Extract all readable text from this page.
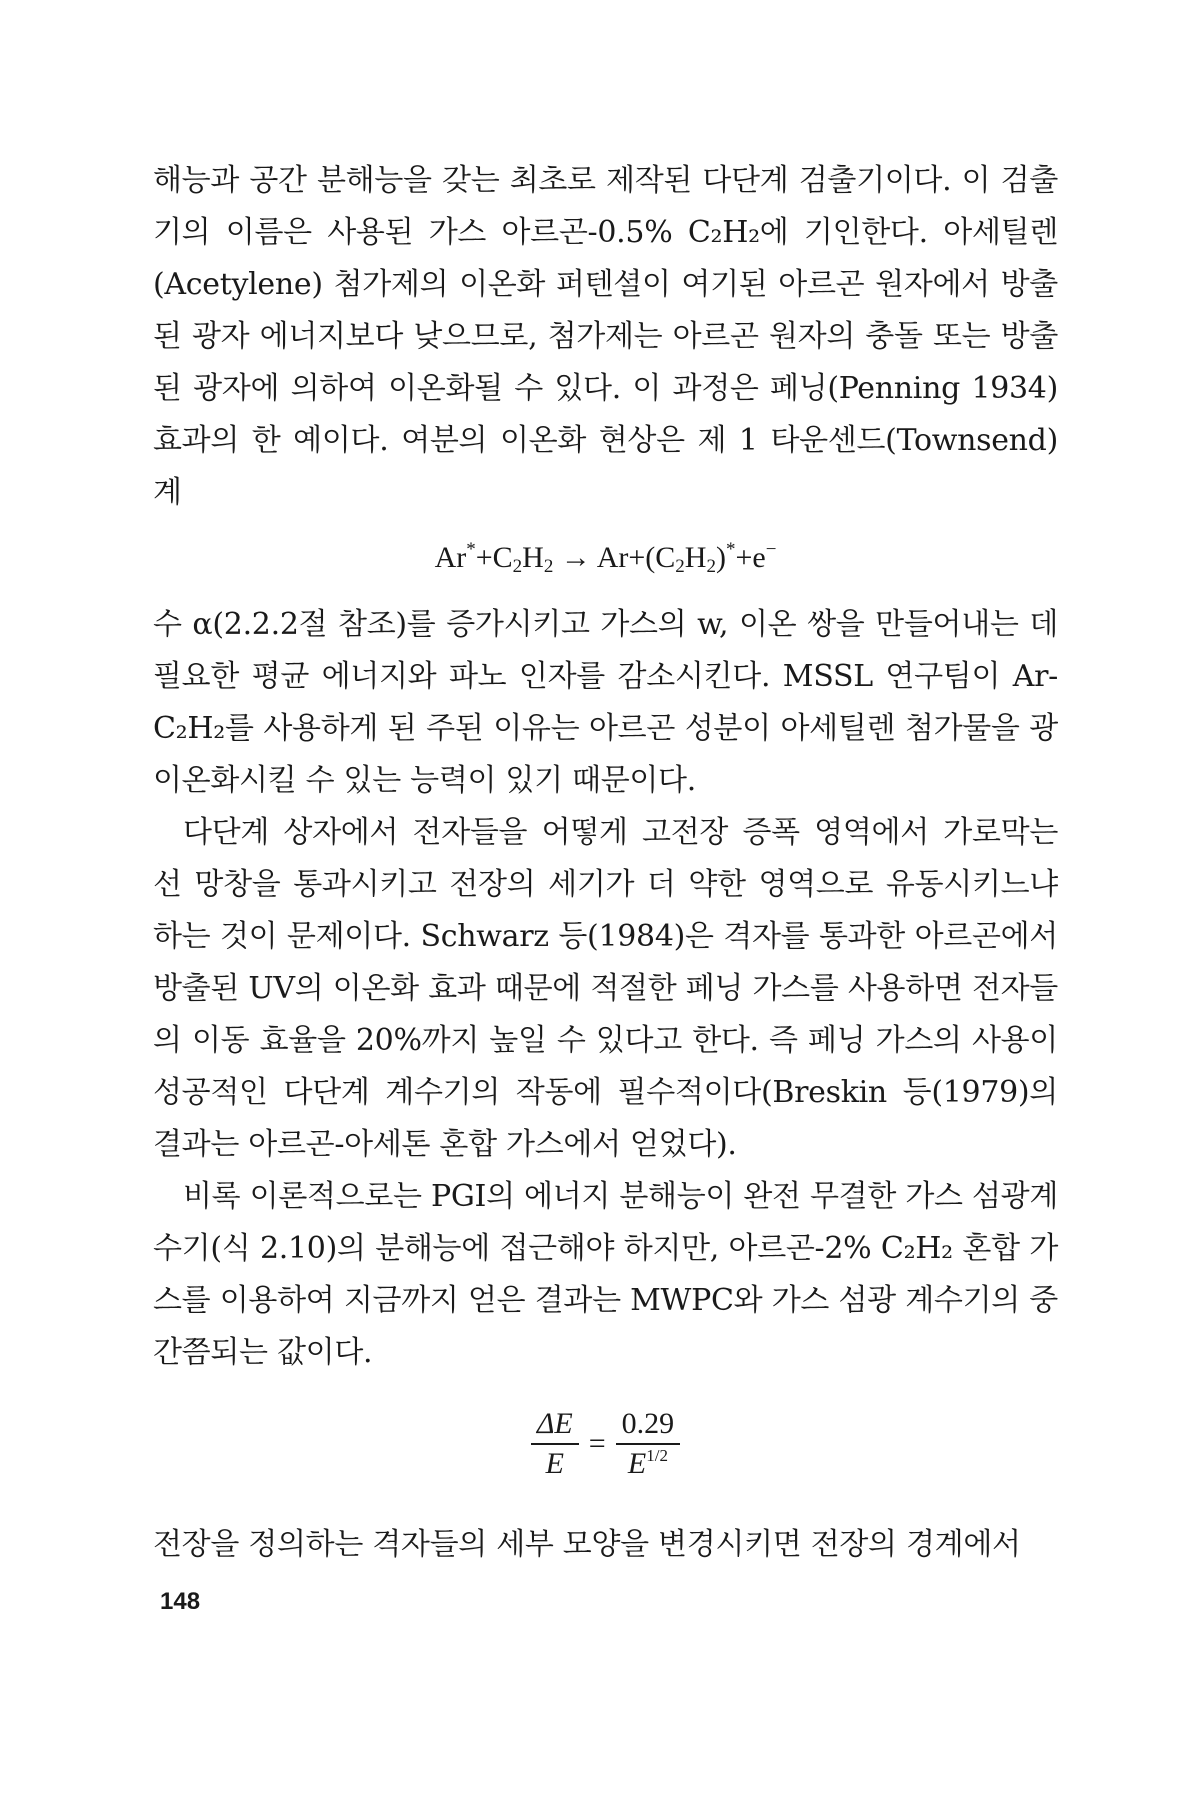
해능과 공간 분해능을 갖는 최초로 제작된 다단계 검출기이다. 이 검출기의 이름은 사용된 가스 아르곤-0.5% C₂H₂에 기인한다. 아세틸렌(Acetylene) 첨가제의 이온화 퍼텐셜이 여기된 아르곤 원자에서 방출된 광자 에너지보다 낮으므로, 첨가제는 아르곤 원자의 충돌 또는 방출된 광자에 의하여 이온화될 수 있다. 이 과정은 페닝(Penning 1934) 효과의 한 예이다. 여분의 이온화 현상은 제 1 타운센드(Townsend) 계

$Ar^*+C_2H_2 \to Ar+(C_2H_2)^*+e^-$

수 α(2.2.2절 참조)를 증가시키고 가스의 w, 이온 쌍을 만들어내는 데 필요한 평균 에너지와 파노 인자를 감소시킨다. MSSL 연구팀이 Ar-C₂H₂를 사용하게 된 주된 이유는 아르곤 성분이 아세틸렌 첨가물을 광이온화시킬 수 있는 능력이 있기 때문이다.

다단계 상자에서 전자들을 어떻게 고전장 증폭 영역에서 가로막는 선 망창을 통과시키고 전장의 세기가 더 약한 영역으로 유동시키느냐 하는 것이 문제이다. Schwarz 등(1984)은 격자를 통과한 아르곤에서 방출된 UV의 이온화 효과 때문에 적절한 페닝 가스를 사용하면 전자들의 이동 효율을 20%까지 높일 수 있다고 한다. 즉 페닝 가스의 사용이 성공적인 다단계 계수기의 작동에 필수적이다(Breskin 등(1979)의 결과는 아르곤-아세톤 혼합 가스에서 얻었다).

비록 이론적으로는 PGI의 에너지 분해능이 완전 무결한 가스 섬광계수기(식 2.10)의 분해능에 접근해야 하지만, 아르곤-2% C₂H₂ 혼합 가스를 이용하여 지금까지 얻은 결과는 MWPC와 가스 섬광 계수기의 중간쯤되는 값이다.

$\frac{\Delta E}{E} = \frac{0.29}{E^{1/2}}$

전장을 정의하는 격자들의 세부 모양을 변경시키면 전장의 경계에서

148
